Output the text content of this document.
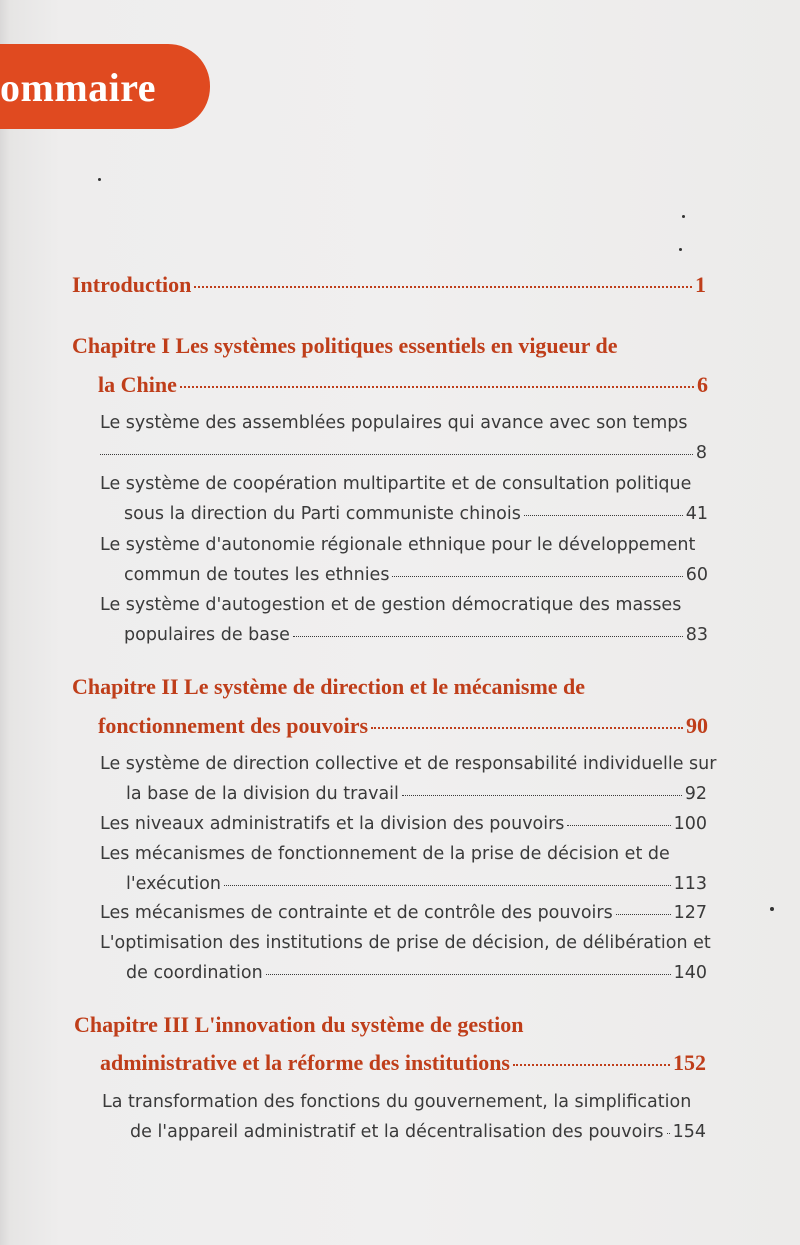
ommaire
Introduction	1
Chapitre I Les systèmes politiques essentiels en vigueur de
la Chine	6
Le système des assemblées populaires qui avance avec son temps
8
Le système de coopération multipartite et de consultation politique
sous la direction du Parti communiste chinois	41
Le système d'autonomie régionale ethnique pour le développement
commun de toutes les ethnies	60
Le système d'autogestion et de gestion démocratique des masses
populaires de base	83
Chapitre II Le système de direction et le mécanisme de
fonctionnement des pouvoirs	90
Le système de direction collective et de responsabilité individuelle sur
la base de la division du travail	92
Les niveaux administratifs et la division des pouvoirs	100
Les mécanismes de fonctionnement de la prise de décision et de
l'exécution	113
Les mécanismes de contrainte et de contrôle des pouvoirs	127
L'optimisation des institutions de prise de décision, de délibération et
de coordination	140
Chapitre III L'innovation du système de gestion
administrative et la réforme des institutions	152
La transformation des fonctions du gouvernement, la simplification
de l'appareil administratif et la décentralisation des pouvoirs 154
